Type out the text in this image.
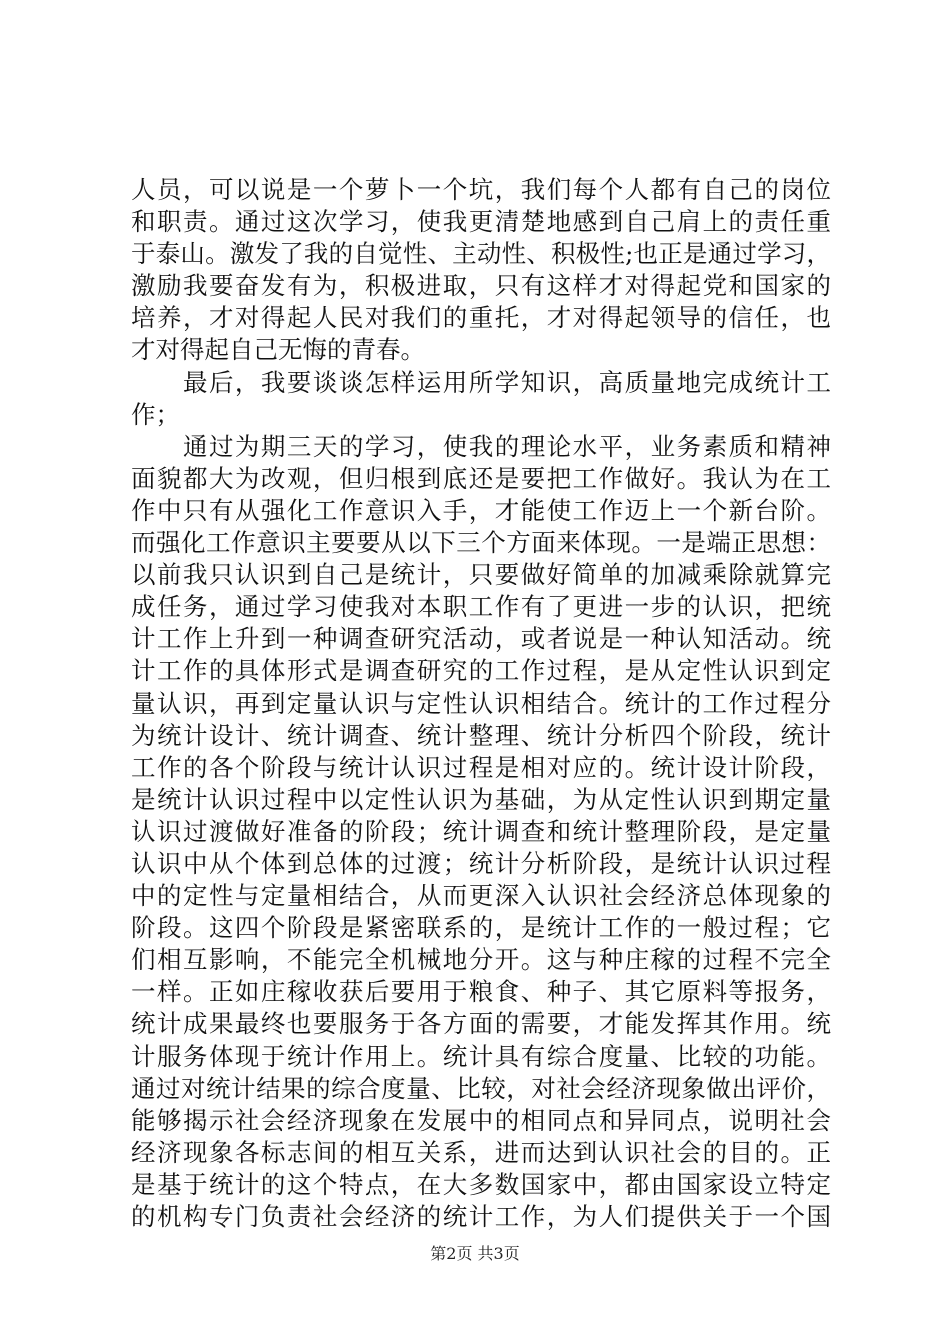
人员，可以说是一个萝卜一个坑，我们每个人都有自己的岗位
和职责。通过这次学习，使我更清楚地感到自己肩上的责任重
于泰山。激发了我的自觉性、主动性、积极性;也正是通过学习，
激励我要奋发有为，积极进取，只有这样才对得起党和国家的
培养，才对得起人民对我们的重托，才对得起领导的信任，也
才对得起自己无悔的青春。
　　最后，我要谈谈怎样运用所学知识，高质量地完成统计工
作；
　　通过为期三天的学习，使我的理论水平，业务素质和精神
面貌都大为改观，但归根到底还是要把工作做好。我认为在工
作中只有从强化工作意识入手，才能使工作迈上一个新台阶。
而强化工作意识主要要从以下三个方面来体现。一是端正思想：
以前我只认识到自己是统计，只要做好简单的加减乘除就算完
成任务，通过学习使我对本职工作有了更进一步的认识，把统
计工作上升到一种调查研究活动，或者说是一种认知活动。统
计工作的具体形式是调查研究的工作过程，是从定性认识到定
量认识，再到定量认识与定性认识相结合。统计的工作过程分
为统计设计、统计调查、统计整理、统计分析四个阶段，统计
工作的各个阶段与统计认识过程是相对应的。统计设计阶段，
是统计认识过程中以定性认识为基础，为从定性认识到期定量
认识过渡做好准备的阶段；统计调查和统计整理阶段，是定量
认识中从个体到总体的过渡；统计分析阶段，是统计认识过程
中的定性与定量相结合，从而更深入认识社会经济总体现象的
阶段。这四个阶段是紧密联系的，是统计工作的一般过程；它
们相互影响，不能完全机械地分开。这与种庄稼的过程不完全
一样。正如庄稼收获后要用于粮食、种子、其它原料等报务，
统计成果最终也要服务于各方面的需要，才能发挥其作用。统
计服务体现于统计作用上。统计具有综合度量、比较的功能。
通过对统计结果的综合度量、比较，对社会经济现象做出评价，
能够揭示社会经济现象在发展中的相同点和异同点，说明社会
经济现象各标志间的相互关系，进而达到认识社会的目的。正
是基于统计的这个特点，在大多数国家中，都由国家设立特定
的机构专门负责社会经济的统计工作，为人们提供关于一个国
第2页 共3页
